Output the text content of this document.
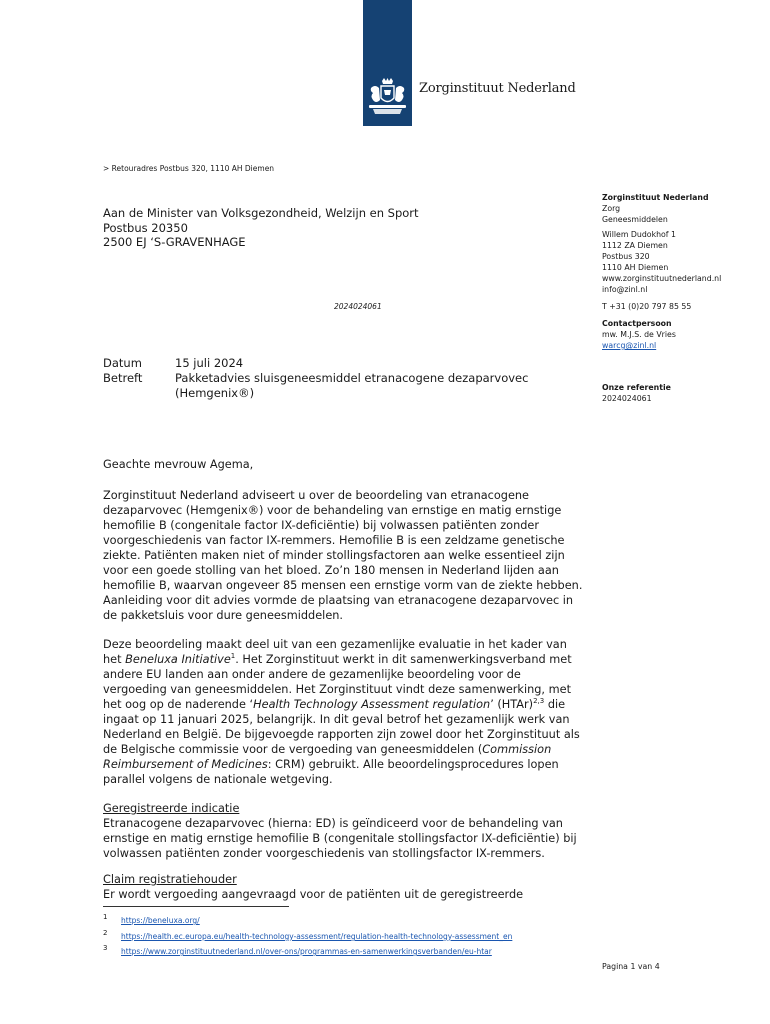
Zorginstituut Nederland
> Retouradres Postbus 320, 1110 AH Diemen
Aan de Minister van Volksgezondheid, Welzijn en Sport
Postbus 20350
2500 EJ ‘S-GRAVENHAGE
2024024061
Zorginstituut Nederland
Zorg
Geneesmiddelen
Willem Dudokhof 1
1112 ZA Diemen
Postbus 320
1110 AH Diemen
www.zorginstituutnederland.nl
info@zinl.nl
T +31 (0)20 797 85 55
Contactpersoon
mw. M.J.S. de Vries
warcg@zinl.nl
Onze referentie
2024024061
Datum	15 juli 2024
Betreft	Pakketadvies sluisgeneesmiddel etranacogene dezaparvovec
(Hemgenix®)

Geachte mevrouw Agema,

Zorginstituut Nederland adviseert u over de beoordeling van etranacogene dezaparvovec (Hemgenix®) voor de behandeling van ernstige en matig ernstige hemofilie B (congenitale factor IX-deficiëntie) bij volwassen patiënten zonder voorgeschiedenis van factor IX-remmers. Hemofilie B is een zeldzame genetische ziekte. Patiënten maken niet of minder stollingsfactoren aan welke essentieel zijn voor een goede stolling van het bloed. Zo’n 180 mensen in Nederland lijden aan hemofilie B, waarvan ongeveer 85 mensen een ernstige vorm van de ziekte hebben. Aanleiding voor dit advies vormde de plaatsing van etranacogene dezaparvovec in de pakketsluis voor dure geneesmiddelen.

Deze beoordeling maakt deel uit van een gezamenlijke evaluatie in het kader van het Beneluxa Initiative$^1$. Het Zorginstituut werkt in dit samenwerkingsverband met andere EU landen aan onder andere de gezamenlijke beoordeling voor de vergoeding van geneesmiddelen. Het Zorginstituut vindt deze samenwerking, met het oog op de naderende ‘Health Technology Assessment regulation’ (HTAr)$^{2,3}$ die ingaat op 11 januari 2025, belangrijk. In dit geval betrof het gezamenlijk werk van Nederland en België. De bijgevoegde rapporten zijn zowel door het Zorginstituut als de Belgische commissie voor de vergoeding van geneesmiddelen (Commission Reimbursement of Medicines: CRM) gebruikt. Alle beoordelingsprocedures lopen parallel volgens de nationale wetgeving.

Geregistreerde indicatie
Etranacogene dezaparvovec (hierna: ED) is geïndiceerd voor de behandeling van ernstige en matig ernstige hemofilie B (congenitale stollingsfactor IX-deficiëntie) bij volwassen patiënten zonder voorgeschiedenis van stollingsfactor IX-remmers.
Claim registratiehouder
Er wordt vergoeding aangevraagd voor de patiënten uit de geregistreerde
1	https://beneluxa.org/
2	https://health.ec.europa.eu/health-technology-assessment/regulation-health-technology-assessment_en
3	https://www.zorginstituutnederland.nl/over-ons/programmas-en-samenwerkingsverbanden/eu-htar
Pagina 1 van 4
